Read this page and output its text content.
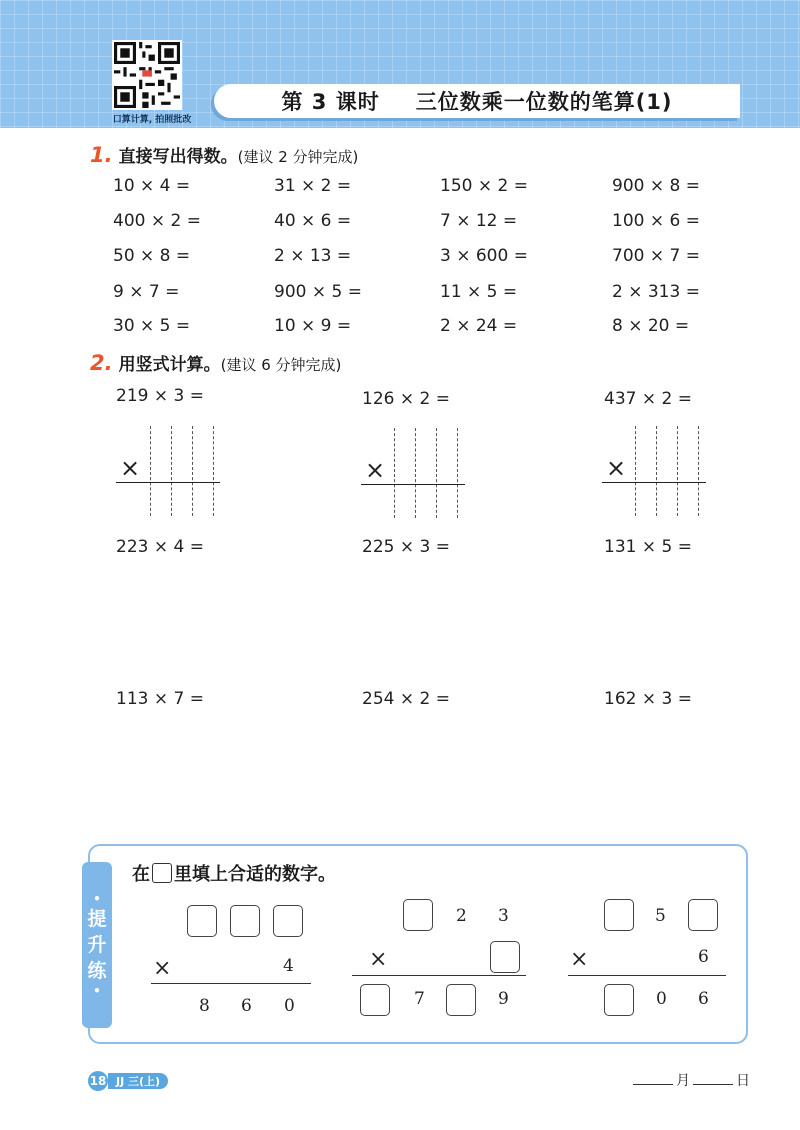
口算计算, 拍照批改
第 3 课时 三位数乘一位数的笔算(1)
1. 直接写出得数。(建议 2 分钟完成)
10 × 4 =	31 × 2 =	150 × 2 =	900 × 8 =
400 × 2 =	40 × 6 =	7 × 12 =	100 × 6 =
50 × 8 =	2 × 13 =	3 × 600 =	700 × 7 =
9 × 7 =	900 × 5 =	11 × 5 =	2 × 313 =
30 × 5 =	10 × 9 =	2 × 24 =	8 × 20 =
2. 用竖式计算。(建议 6 分钟完成)
219 × 3 =	126 × 2 =	437 × 2 =
×	×	×
223 × 4 =	225 × 3 =	131 × 5 =
113 × 7 =	254 × 2 =	162 × 3 =
•
提
升
练
•
在 里填上合适的数字。
×	4
8 6 0
2 3
×
7	9
5
×	6
0 6
18 JJ 三(上)	月	日
